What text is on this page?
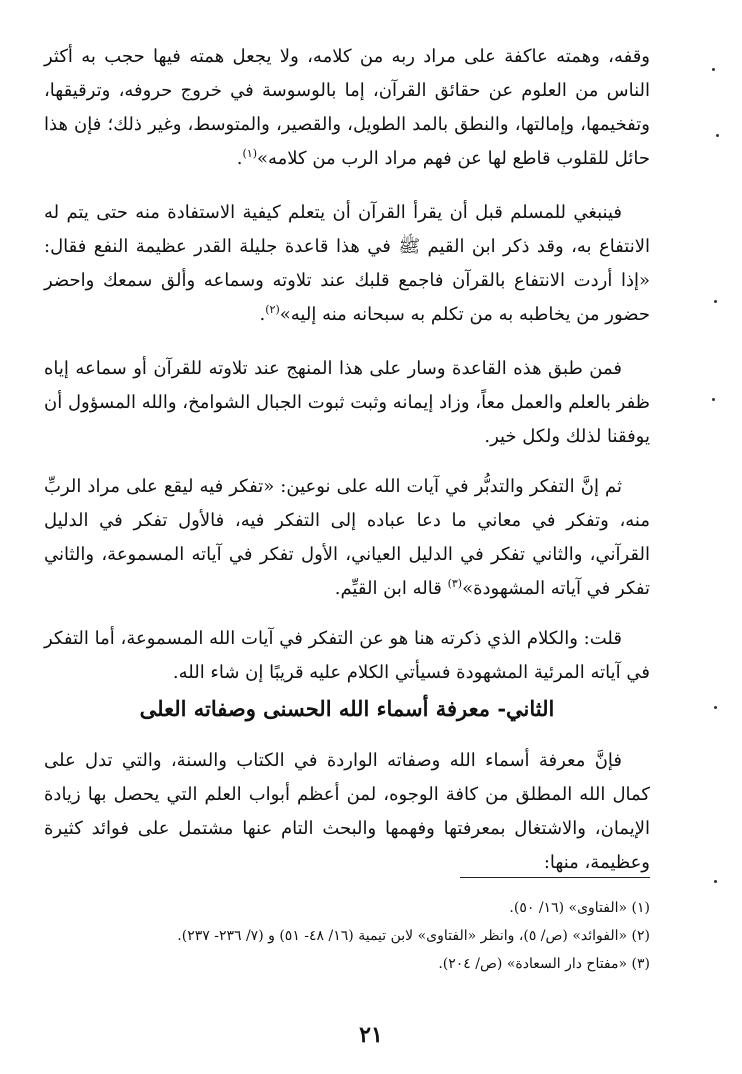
وقفه، وهمته عاكفة على مراد ربه من كلامه، ولا يجعل همته فيها حجب به أكثر الناس من العلوم عن حقائق القرآن، إما بالوسوسة في خروج حروفه، وترقيقها، وتفخيمها، وإمالتها، والنطق بالمد الطويل، والقصير، والمتوسط، وغير ذلك؛ فإن هذا حائل للقلوب قاطع لها عن فهم مراد الرب من كلامه»$^{(١)}$.

فينبغي للمسلم قبل أن يقرأ القرآن أن يتعلم كيفية الاستفادة منه حتى يتم له الانتفاع به، وقد ذكر ابن القيم ﷺ في هذا قاعدة جليلة القدر عظيمة النفع فقال: «إذا أردت الانتفاع بالقرآن فاجمع قلبك عند تلاوته وسماعه وألق سمعك واحضر حضور من يخاطبه به من تكلم به سبحانه منه إليه»$^{(٢)}$.

فمن طبق هذه القاعدة وسار على هذا المنهج عند تلاوته للقرآن أو سماعه إياه ظفر بالعلم والعمل معاً، وزاد إيمانه وثبت ثبوت الجبال الشوامخ، والله المسؤول أن يوفقنا لذلك ولكل خير.

ثم إنَّ التفكر والتدبُّر في آيات الله على نوعين: «تفكر فيه ليقع على مراد الربِّ منه، وتفكر في معاني ما دعا عباده إلى التفكر فيه، فالأول تفكر في الدليل القرآني، والثاني تفكر في الدليل العياني، الأول تفكر في آياته المسموعة، والثاني تفكر في آياته المشهودة»$^{(٣)}$ قاله ابن القيِّم.

قلت: والكلام الذي ذكرته هنا هو عن التفكر في آيات الله المسموعة، أما التفكر في آياته المرئية المشهودة فسيأتي الكلام عليه قريبًا إن شاء الله.

الثاني- معرفة أسماء الله الحسنى وصفاته العلى

فإنَّ معرفة أسماء الله وصفاته الواردة في الكتاب والسنة، والتي تدل على كمال الله المطلق من كافة الوجوه، لمن أعظم أبواب العلم التي يحصل بها زيادة الإيمان، والاشتغال بمعرفتها وفهمها والبحث التام عنها مشتمل على فوائد كثيرة وعظيمة، منها:

(١) «الفتاوى» (١٦/ ٥٠).
(٢) «الفوائد» (ص/ ٥)، وانظر «الفتاوى» لابن تيمية (١٦/ ٤٨- ٥١) و (٧/ ٢٣٦- ٢٣٧).
(٣) «مفتاح دار السعادة» (ص/ ٢٠٤).
٢١
